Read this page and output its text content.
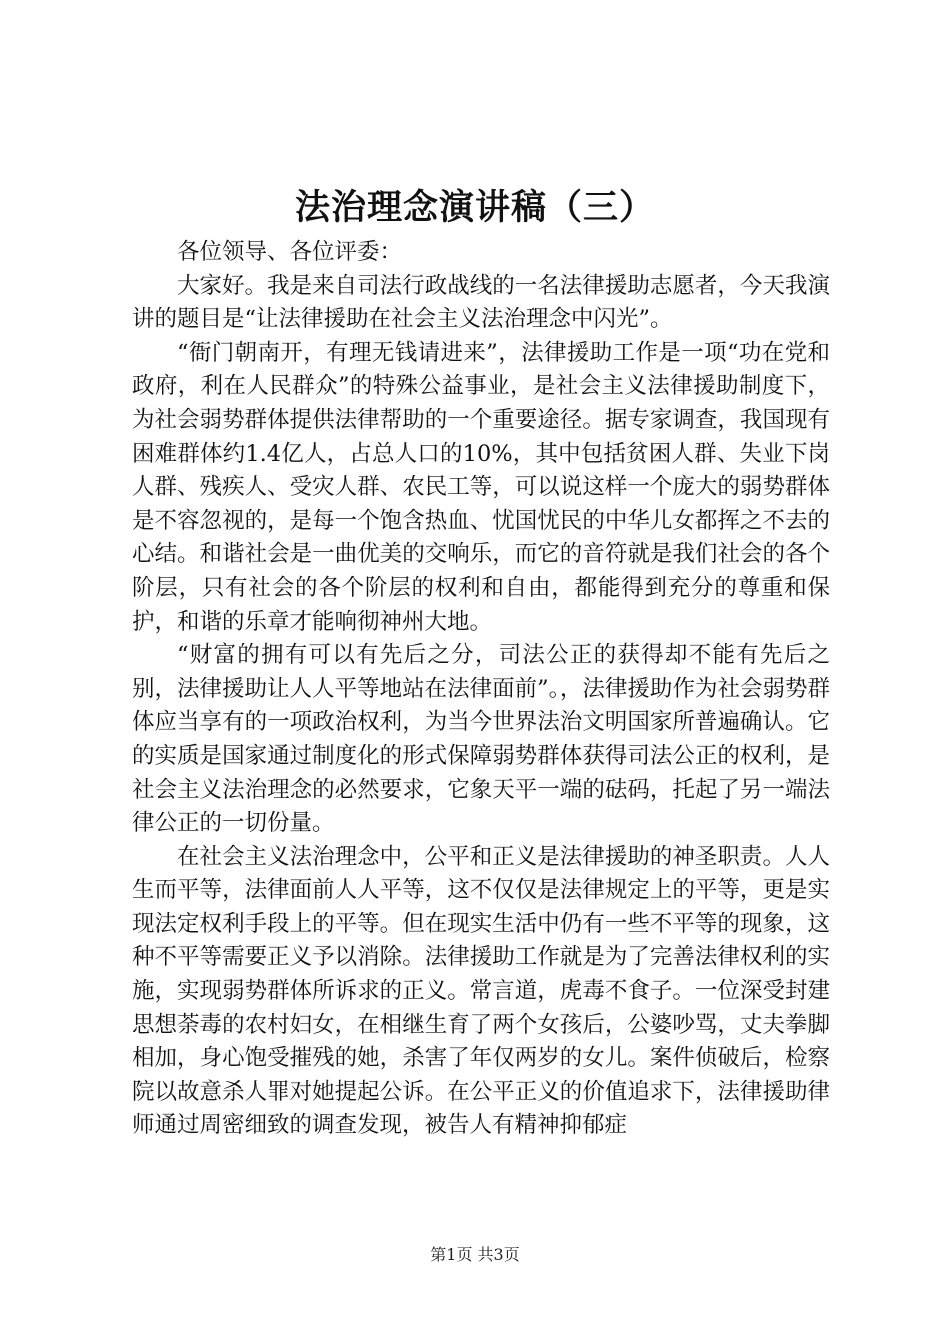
法治理念演讲稿（三）

各位领导、各位评委：

大家好。我是来自司法行政战线的一名法律援助志愿者，今天我演讲的题目是“让法律援助在社会主义法治理念中闪光”。

“衙门朝南开，有理无钱请进来”，法律援助工作是一项“功在党和政府，利在人民群众”的特殊公益事业，是社会主义法律援助制度下，为社会弱势群体提供法律帮助的一个重要途径。据专家调查，我国现有困难群体约1.4亿人，占总人口的10%，其中包括贫困人群、失业下岗人群、残疾人、受灾人群、农民工等，可以说这样一个庞大的弱势群体是不容忽视的，是每一个饱含热血、忧国忧民的中华儿女都挥之不去的心结。和谐社会是一曲优美的交响乐，而它的音符就是我们社会的各个阶层，只有社会的各个阶层的权利和自由，都能得到充分的尊重和保护，和谐的乐章才能响彻神州大地。

“财富的拥有可以有先后之分，司法公正的获得却不能有先后之别，法律援助让人人平等地站在法律面前”。，法律援助作为社会弱势群体应当享有的一项政治权利，为当今世界法治文明国家所普遍确认。它的实质是国家通过制度化的形式保障弱势群体获得司法公正的权利，是社会主义法治理念的必然要求，它象天平一端的砝码，托起了另一端法律公正的一切份量。

在社会主义法治理念中，公平和正义是法律援助的神圣职责。人人生而平等，法律面前人人平等，这不仅仅是法律规定上的平等，更是实现法定权利手段上的平等。但在现实生活中仍有一些不平等的现象，这种不平等需要正义予以消除。法律援助工作就是为了完善法律权利的实施，实现弱势群体所诉求的正义。常言道，虎毒不食子。一位深受封建思想荼毒的农村妇女，在相继生育了两个女孩后，公婆吵骂，丈夫拳脚相加，身心饱受摧残的她，杀害了年仅两岁的女儿。案件侦破后，检察院以故意杀人罪对她提起公诉。在公平正义的价值追求下，法律援助律师通过周密细致的调查发现，被告人有精神抑郁症

第1页 共3页
